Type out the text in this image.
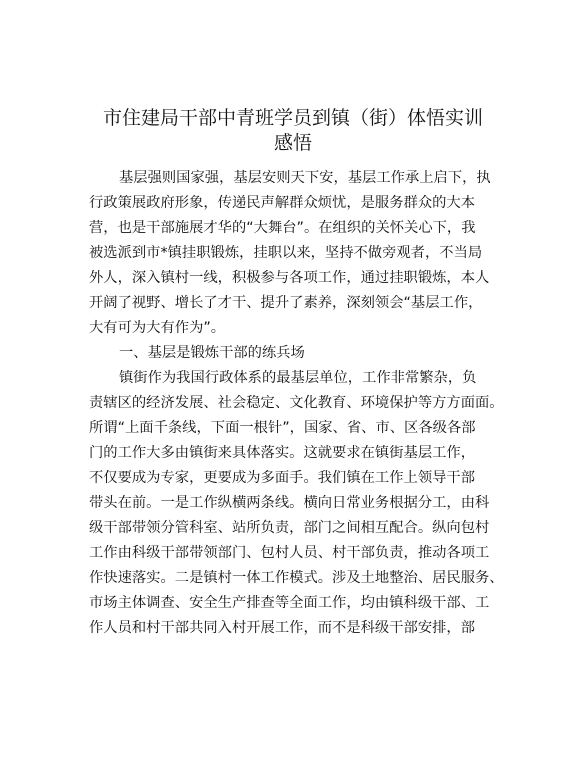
市住建局干部中青班学员到镇（街）体悟实训
感悟
基层强则国家强，基层安则天下安，基层工作承上启下，执
行政策展政府形象，传递民声解群众烦忧，是服务群众的大本
营，也是干部施展才华的“大舞台”。在组织的关怀关心下，我
被选派到市*镇挂职锻炼，挂职以来，坚持不做旁观者，不当局
外人，深入镇村一线，积极参与各项工作，通过挂职锻炼，本人
开阔了视野、增长了才干、提升了素养，深刻领会“基层工作，
大有可为大有作为”。
一、基层是锻炼干部的练兵场
镇街作为我国行政体系的最基层单位，工作非常繁杂，负
责辖区的经济发展、社会稳定、文化教育、环境保护等方方面面。
所谓“上面千条线，下面一根针”，国家、省、市、区各级各部
门的工作大多由镇街来具体落实。这就要求在镇街基层工作，
不仅要成为专家，更要成为多面手。我们镇在工作上领导干部
带头在前。一是工作纵横两条线。横向日常业务根据分工，由科
级干部带领分管科室、站所负责，部门之间相互配合。纵向包村
工作由科级干部带领部门、包村人员、村干部负责，推动各项工
作快速落实。二是镇村一体工作模式。涉及土地整治、居民服务、
市场主体调查、安全生产排查等全面工作，均由镇科级干部、工
作人员和村干部共同入村开展工作，而不是科级干部安排，部
